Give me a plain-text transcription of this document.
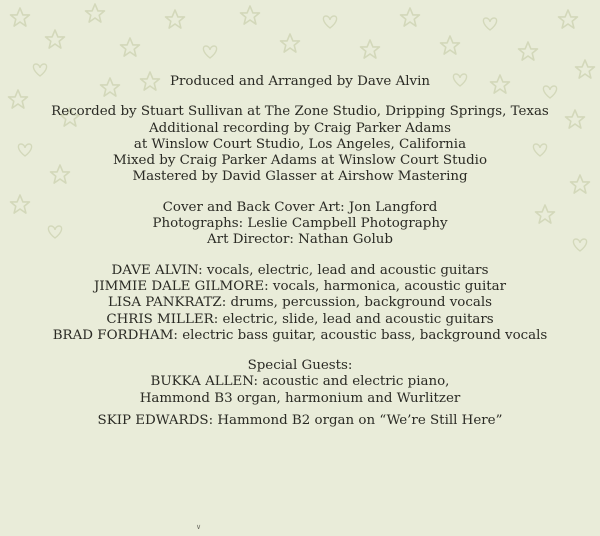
Produced and Arranged by Dave Alvin
Recorded by Stuart Sullivan at The Zone Studio, Dripping Springs, Texas
Additional recording by Craig Parker Adams
at Winslow Court Studio, Los Angeles, California
Mixed by Craig Parker Adams at Winslow Court Studio
Mastered by David Glasser at Airshow Mastering
Cover and Back Cover Art: Jon Langford
Photographs: Leslie Campbell Photography
Art Director: Nathan Golub
DAVE ALVIN: vocals, electric, lead and acoustic guitars
JIMMIE DALE GILMORE: vocals, harmonica, acoustic guitar
LISA PANKRATZ: drums, percussion, background vocals
CHRIS MILLER: electric, slide, lead and acoustic guitars
BRAD FORDHAM: electric bass guitar, acoustic bass, background vocals
Special Guests:
BUKKA ALLEN: acoustic and electric piano,
Hammond B3 organ, harmonium and Wurlitzer
SKIP EDWARDS: Hammond B2 organ on “We’re Still Here”
∨
